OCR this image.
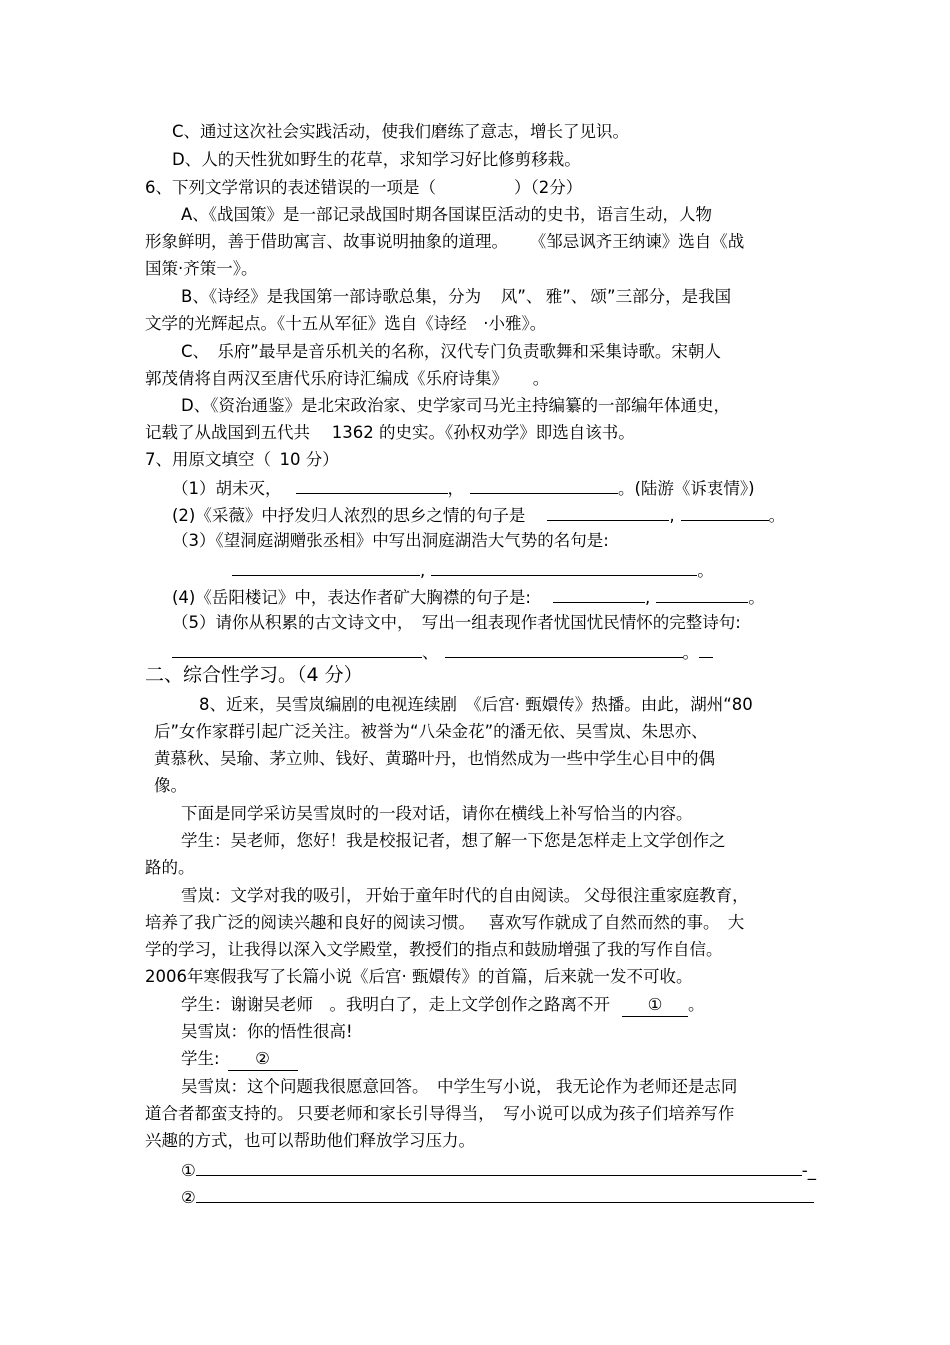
C、通过这次社会实践活动，使我们磨练了意志，增长了见识。
D、人的天性犹如野生的花草，求知学习好比修剪移栽。
6、下列文学常识的表述错误的一项是（	）（2分）
A、《战国策》是一部记录战国时期各国谋臣活动的史书，语言生动，人物
形象鲜明，善于借助寓言、故事说明抽象的道理。 《邹忌讽齐王纳谏》选自《战
国策·齐策一》。
B、《诗经》是我国第一部诗歌总集，分为　 风”、 雅”、 颂”三部分，是我国
文学的光辉起点。《十五从军征》选自《诗经　·小雅》。
C、　乐府”最早是音乐机关的名称，汉代专门负责歌舞和采集诗歌。宋朝人
郭茂倩将自两汉至唐代乐府诗汇编成《乐府诗集》　　。
D、《资治通鉴》是北宋政治家、史学家司马光主持编纂的一部编年体通史，
记载了从战国到五代共　 1362 的史实。《孙权劝学》即选自该书。
7、用原文填空（  10 分）
（1）胡未灭，	，	。(陆游《诉衷情》)
(2)《采薇》中抒发归人浓烈的思乡之情的句子是	,	。
（3）《望洞庭湖赠张丞相》中写出洞庭湖浩大气势的名句是:
,	。
(4)《岳阳楼记》中，表达作者矿大胸襟的句子是:	,	。
（5）请你从积累的古文诗文中，　写出一组表现作者忧国忧民情怀的完整诗句:
、	。
二、综合性学习。（4 分）
8、近来，吴雪岚编剧的电视连续剧　《后宫· 甄嬛传》热播。由此，湖州“80
后”女作家群引起广泛关注。被誉为“八朵金花”的潘无依、吴雪岚、朱思亦、
黄慕秋、吴瑜、茅立帅、钱好、黄璐叶丹，也悄然成为一些中学生心目中的偶
像。
下面是同学采访吴雪岚时的一段对话，请你在横线上补写恰当的内容。
学生：吴老师，您好！我是校报记者，想了解一下您是怎样走上文学创作之
路的。
雪岚：文学对我的吸引， 开始于童年时代的自由阅读。 父母很注重家庭教育，
培养了我广泛的阅读兴趣和良好的阅读习惯。　 喜欢写作就成了自然而然的事。　大
学的学习，让我得以深入文学殿堂，教授们的指点和鼓励增强了我的写作自信。
2006年寒假我写了长篇小说《后宫· 甄嬛传》的首篇，后来就一发不可收。
学生：谢谢吴老师　。我明白了，走上文学创作之路离不开 ① 。
吴雪岚：你的悟性很高!
学生: ②
吴雪岚：这个问题我很愿意回答。  中学生写小说， 我无论作为老师还是志同
道合者都蛮支持的。 只要老师和家长引导得当，  写小说可以成为孩子们培养写作
兴趣的方式，也可以帮助他们释放学习压力。
①	-_
②
